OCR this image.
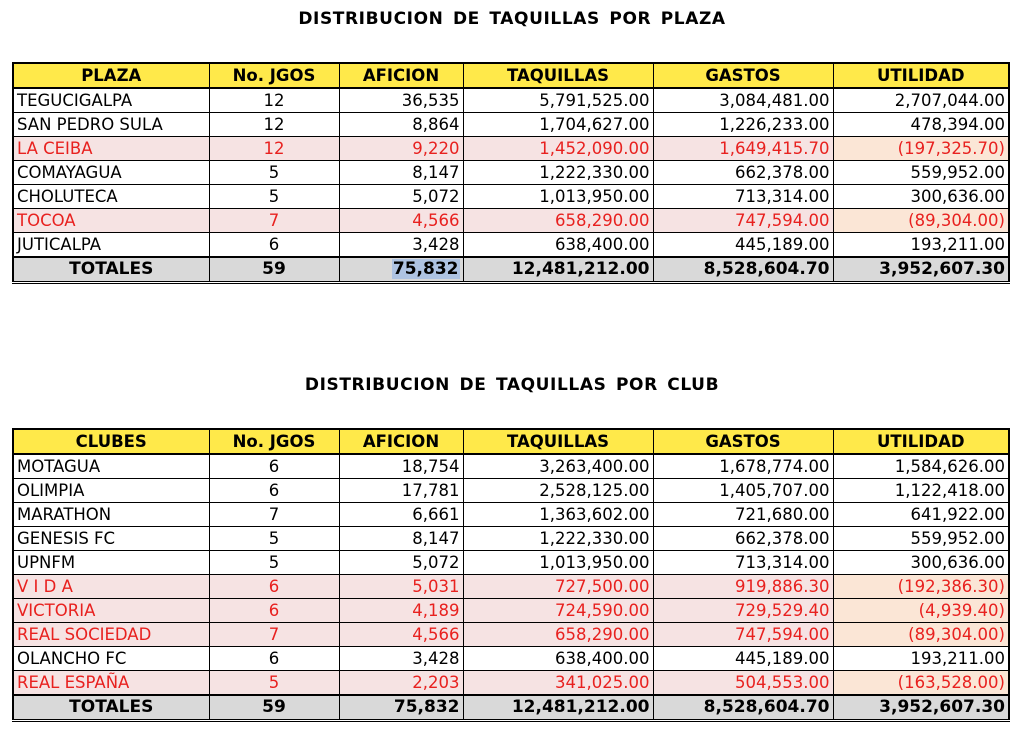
DISTRIBUCION DE TAQUILLAS POR PLAZA
PLAZA	No. JGOS	AFICION	TAQUILLAS	GASTOS	UTILIDAD
TEGUCIGALPA	12	36,535	5,791,525.00	3,084,481.00	2,707,044.00
SAN PEDRO SULA	12	8,864	1,704,627.00	1,226,233.00	478,394.00
LA CEIBA	12	9,220	1,452,090.00	1,649,415.70	(197,325.70)
COMAYAGUA	5	8,147	1,222,330.00	662,378.00	559,952.00
CHOLUTECA	5	5,072	1,013,950.00	713,314.00	300,636.00
TOCOA	7	4,566	658,290.00	747,594.00	(89,304.00)
JUTICALPA	6	3,428	638,400.00	445,189.00	193,211.00
TOTALES	59	75,832	12,481,212.00	8,528,604.70	3,952,607.30
DISTRIBUCION DE TAQUILLAS POR CLUB
CLUBES	No. JGOS	AFICION	TAQUILLAS	GASTOS	UTILIDAD
MOTAGUA	6	18,754	3,263,400.00	1,678,774.00	1,584,626.00
OLIMPIA	6	17,781	2,528,125.00	1,405,707.00	1,122,418.00
MARATHON	7	6,661	1,363,602.00	721,680.00	641,922.00
GENESIS FC	5	8,147	1,222,330.00	662,378.00	559,952.00
UPNFM	5	5,072	1,013,950.00	713,314.00	300,636.00
V I D A	6	5,031	727,500.00	919,886.30	(192,386.30)
VICTORIA	6	4,189	724,590.00	729,529.40	(4,939.40)
REAL SOCIEDAD	7	4,566	658,290.00	747,594.00	(89,304.00)
OLANCHO FC	6	3,428	638,400.00	445,189.00	193,211.00
REAL ESPAÑA	5	2,203	341,025.00	504,553.00	(163,528.00)
TOTALES	59	75,832	12,481,212.00	8,528,604.70	3,952,607.30
